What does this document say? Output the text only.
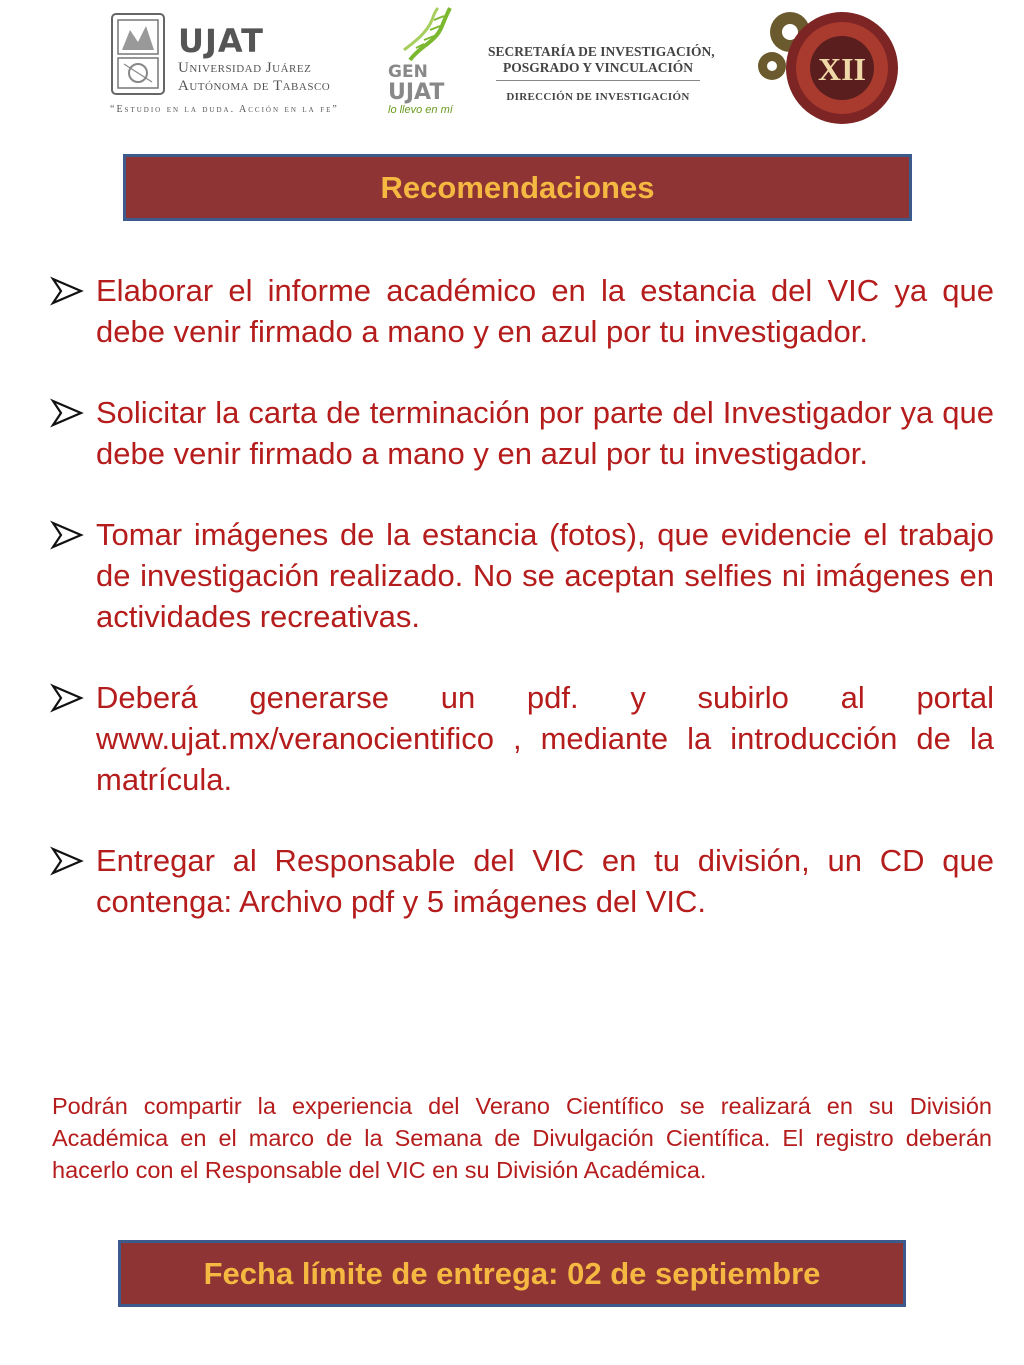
UJAT
Universidad Juárez
Autónoma de Tabasco
“Estudio en la duda. Acción en la fe”
GEN
UJAT
lo llevo en mí
SECRETARÍA DE INVESTIGACIÓN,
POSGRADO Y VINCULACIÓN
DIRECCIÓN DE INVESTIGACIÓN
XII
Recomendaciones
Elaborar el informe académico en la estancia del VIC ya que debe venir firmado a mano y en azul por tu investigador.
Solicitar la carta de terminación por parte del Investigador ya que debe venir firmado a mano y en azul por tu investigador.
Tomar imágenes de la estancia (fotos), que evidencie el trabajo de investigación realizado. No se aceptan selfies ni imágenes en actividades recreativas.
Deberá generarse un pdf. y subirlo al portal www.ujat.mx/veranocientifico , mediante la introducción de la matrícula.
Entregar al Responsable del VIC en tu división, un CD que contenga: Archivo pdf y 5 imágenes del VIC.
Podrán compartir la experiencia del Verano Científico se realizará en su División Académica en el marco de la Semana de Divulgación Científica. El registro deberán hacerlo con el Responsable del VIC en su División Académica.
Fecha límite de entrega: 02 de septiembre
